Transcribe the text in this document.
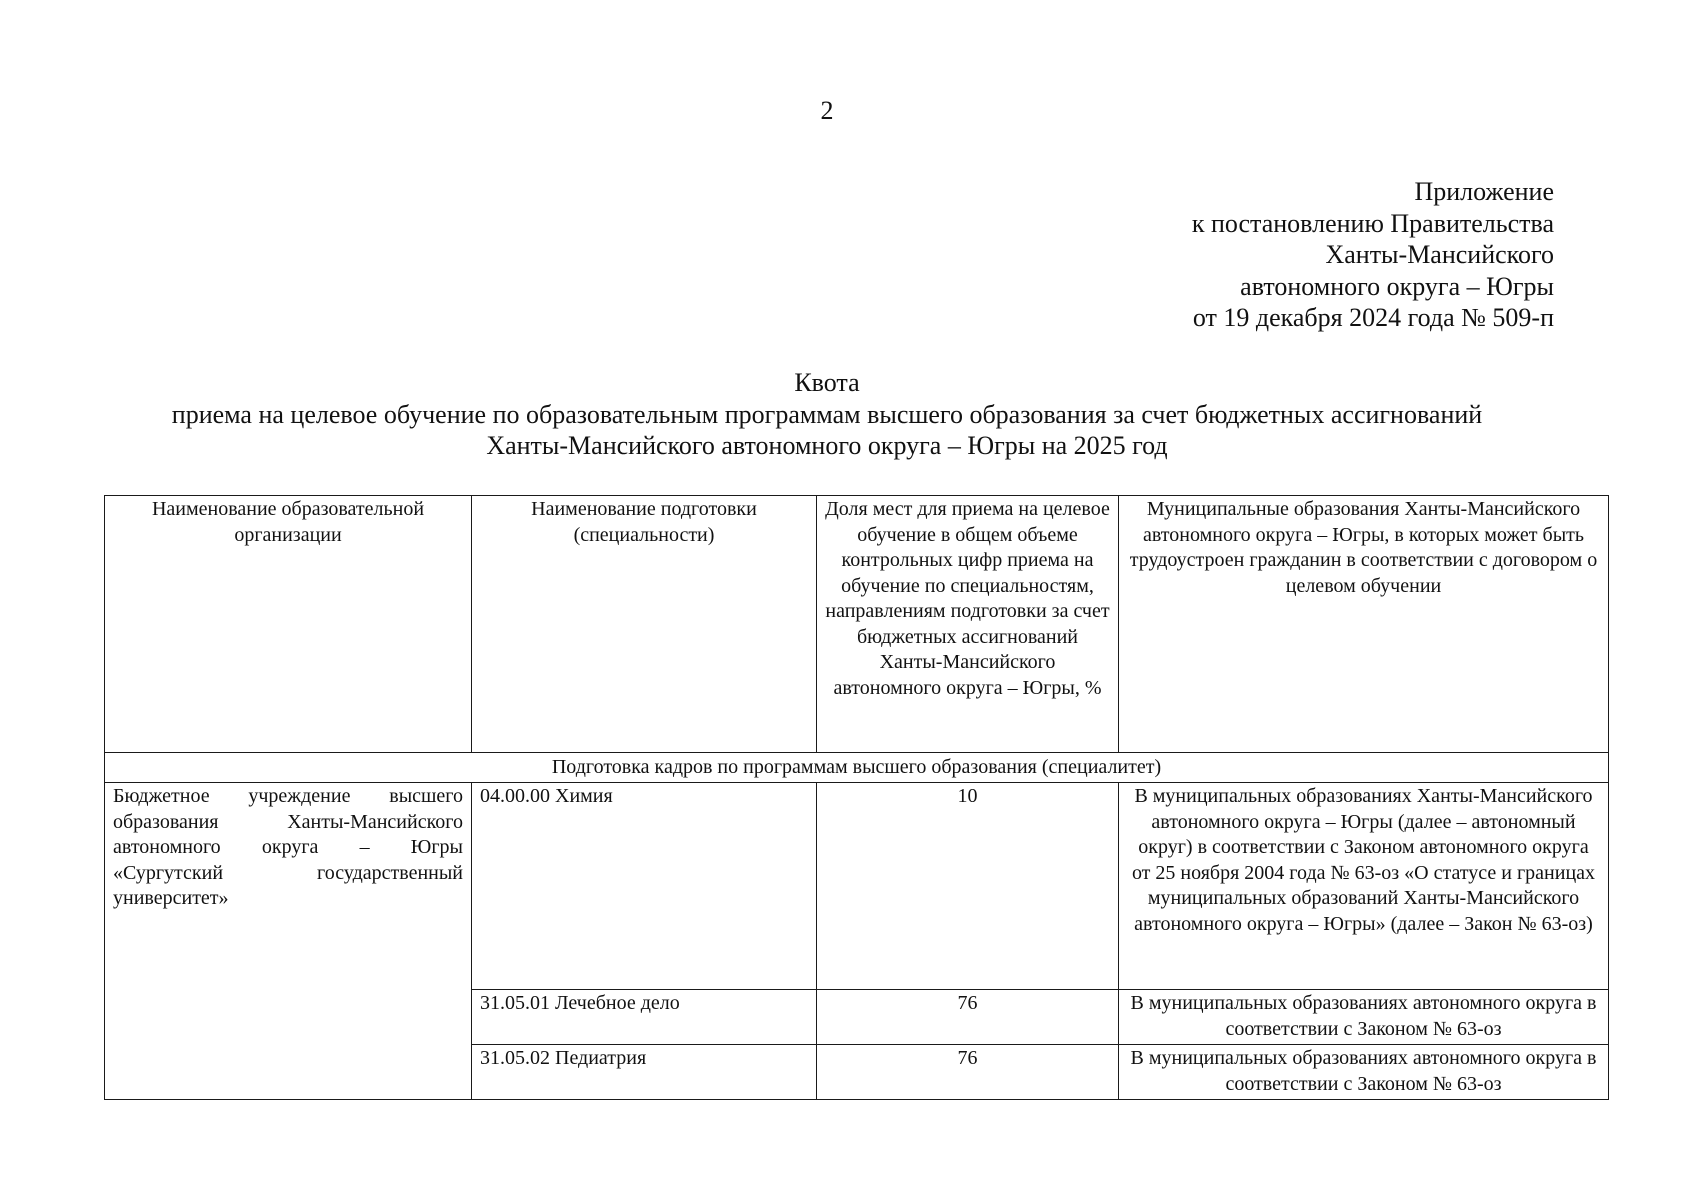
2
Приложение
к постановлению Правительства
Ханты-Мансийского
автономного округа – Югры
от 19 декабря 2024 года № 509-п
Квота
приема на целевое обучение по образовательным программам высшего образования за счет бюджетных ассигнований
Ханты-Мансийского автономного округа – Югры на 2025 год
Наименование образовательной организации	Наименование подготовки (специальности)	Доля мест для приема на целевое обучение в общем объеме контрольных цифр приема на обучение по специальностям, направлениям подготовки за счет бюджетных ассигнований Ханты-Мансийского автономного округа – Югры, %	Муниципальные образования Ханты-Мансийского автономного округа – Югры, в которых может быть трудоустроен гражданин в соответствии с договором о целевом обучении
Подготовка кадров по программам высшего образования (специалитет)			
Бюджетное учреждение высшего образования Ханты-Мансийского автономного округа – Югры «Сургутский государственный университет»	04.00.00 Химия	10	В муниципальных образованиях Ханты-Мансийского автономного округа – Югры (далее – автономный округ) в соответствии с Законом автономного округа от 25 ноября 2004 года № 63-оз «О статусе и границах муниципальных образований Ханты-Мансийского автономного округа – Югры» (далее – Закон № 63-оз)
	31.05.01 Лечебное дело	76	В муниципальных образованиях автономного округа в соответствии с Законом № 63-оз
	31.05.02 Педиатрия	76	В муниципальных образованиях автономного округа в соответствии с Законом № 63-оз
